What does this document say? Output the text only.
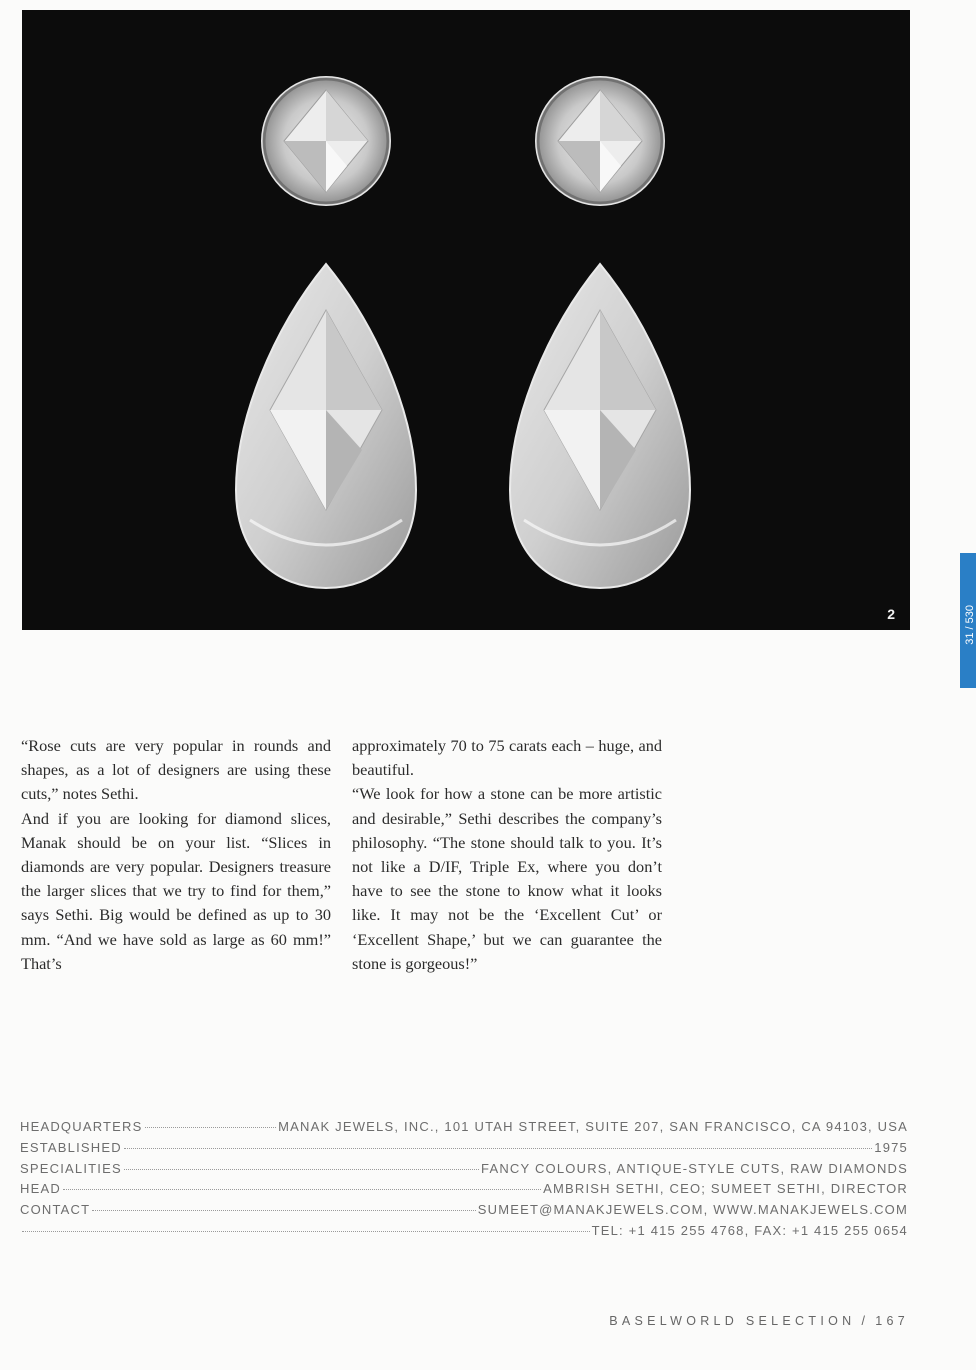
2	31 / 530

“Rose cuts are very popular in rounds and shapes, as a lot of designers are using these cuts,” notes Sethi.

And if you are looking for diamond slices, Manak should be on your list. “Slices in diamonds are very popular. Designers treasure the larger slices that we try to find for them,” says Sethi. Big would be defined as up to 30 mm. “And we have sold as large as 60 mm!” That’s

approximately 70 to 75 carats each – huge, and beautiful.

“We look for how a stone can be more artistic and desirable,” Sethi describes the company’s philosophy. “The stone should talk to you. It’s not like a D/IF, Triple Ex, where you don’t have to see the stone to know what it looks like. It may not be the ‘Excellent Cut’ or ‘Excellent Shape,’ but we can guarantee the stone is gorgeous!”

HEADQUARTERS	MANAK JEWELS, INC., 101 UTAH STREET, SUITE 207, SAN FRANCISCO, CA 94103, USA
ESTABLISHED	1975
SPECIALITIES	FANCY COLOURS, ANTIQUE-STYLE CUTS, RAW DIAMONDS
HEAD	AMBRISH SETHI, CEO; SUMEET SETHI, DIRECTOR
CONTACT	SUMEET@MANAKJEWELS.COM, WWW.MANAKJEWELS.COM
TEL: +1 415 255 4768, FAX: +1 415 255 0654
BASELWORLD SELECTION / 167
